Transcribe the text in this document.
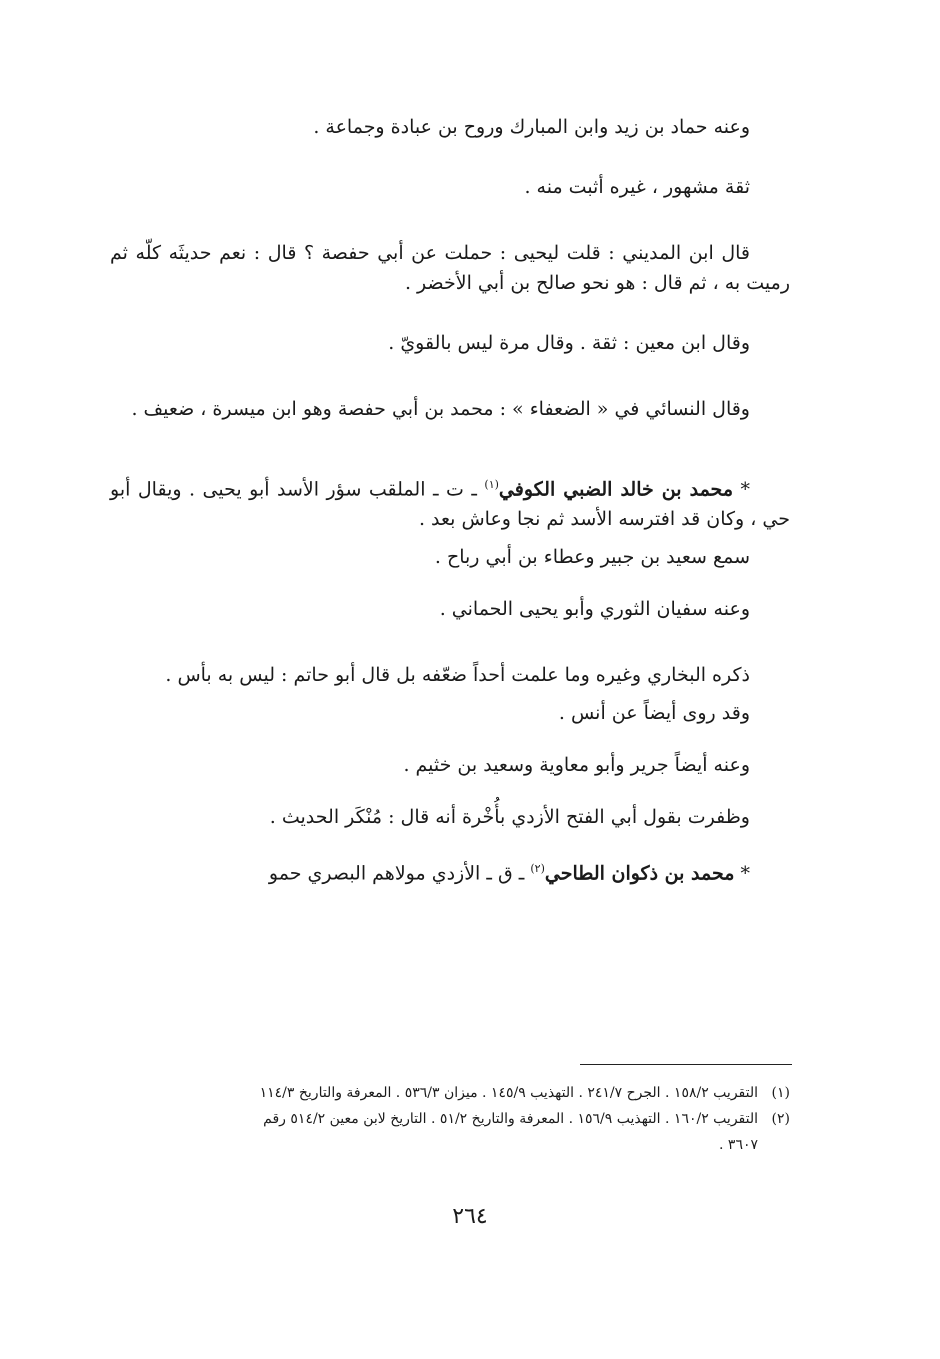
وعنه حماد بن زيد وابن المبارك وروح بن عبادة وجماعة .

ثقة مشهور ، غيره أثبت منه .

قال ابن المديني : قلت ليحيى : حملت عن أبي حفصة ؟ قال : نعم حديثَه كلّه ثم رميت به ، ثم قال : هو نحو صالح بن أبي الأخضر .

وقال ابن معين : ثقة . وقال مرة ليس بالقويّ .

وقال النسائي في « الضعفاء » : محمد بن أبي حفصة وهو ابن ميسرة ، ضعيف .

* محمد بن خالد الضبي الكوفي$^{(١)}$ ـ ت ـ الملقب سؤر الأسد أبو يحيى . ويقال أبو حي ، وكان قد افترسه الأسد ثم نجا وعاش بعد .

سمع سعيد بن جبير وعطاء بن أبي رباح .

وعنه سفيان الثوري وأبو يحيى الحماني .

ذكره البخاري وغيره وما علمت أحداً ضعّفه بل قال أبو حاتم : ليس به بأس .

وقد روى أيضاً عن أنس .

وعنه أيضاً جرير وأبو معاوية وسعيد بن خثيم .

وظفرت بقول أبي الفتح الأزدي بأُخْرة أنه قال : مُنْكَر الحديث .

* محمد بن ذكوان الطاحي$^{(٢)}$ ـ ق ـ الأزدي مولاهم البصري حمو

(١)التقريب ١٥٨/٢ . الجرح ٢٤١/٧ . التهذيب ١٤٥/٩ . ميزان ٥٣٦/٣ . المعرفة والتاريخ ١١٤/٣

(٢)التقريب ١٦٠/٢ . التهذيب ١٥٦/٩ . المعرفة والتاريخ ٥١/٢ . التاريخ لابن معين ٥١٤/٢ رقم

٣٦٠٧ .

٢٦٤
